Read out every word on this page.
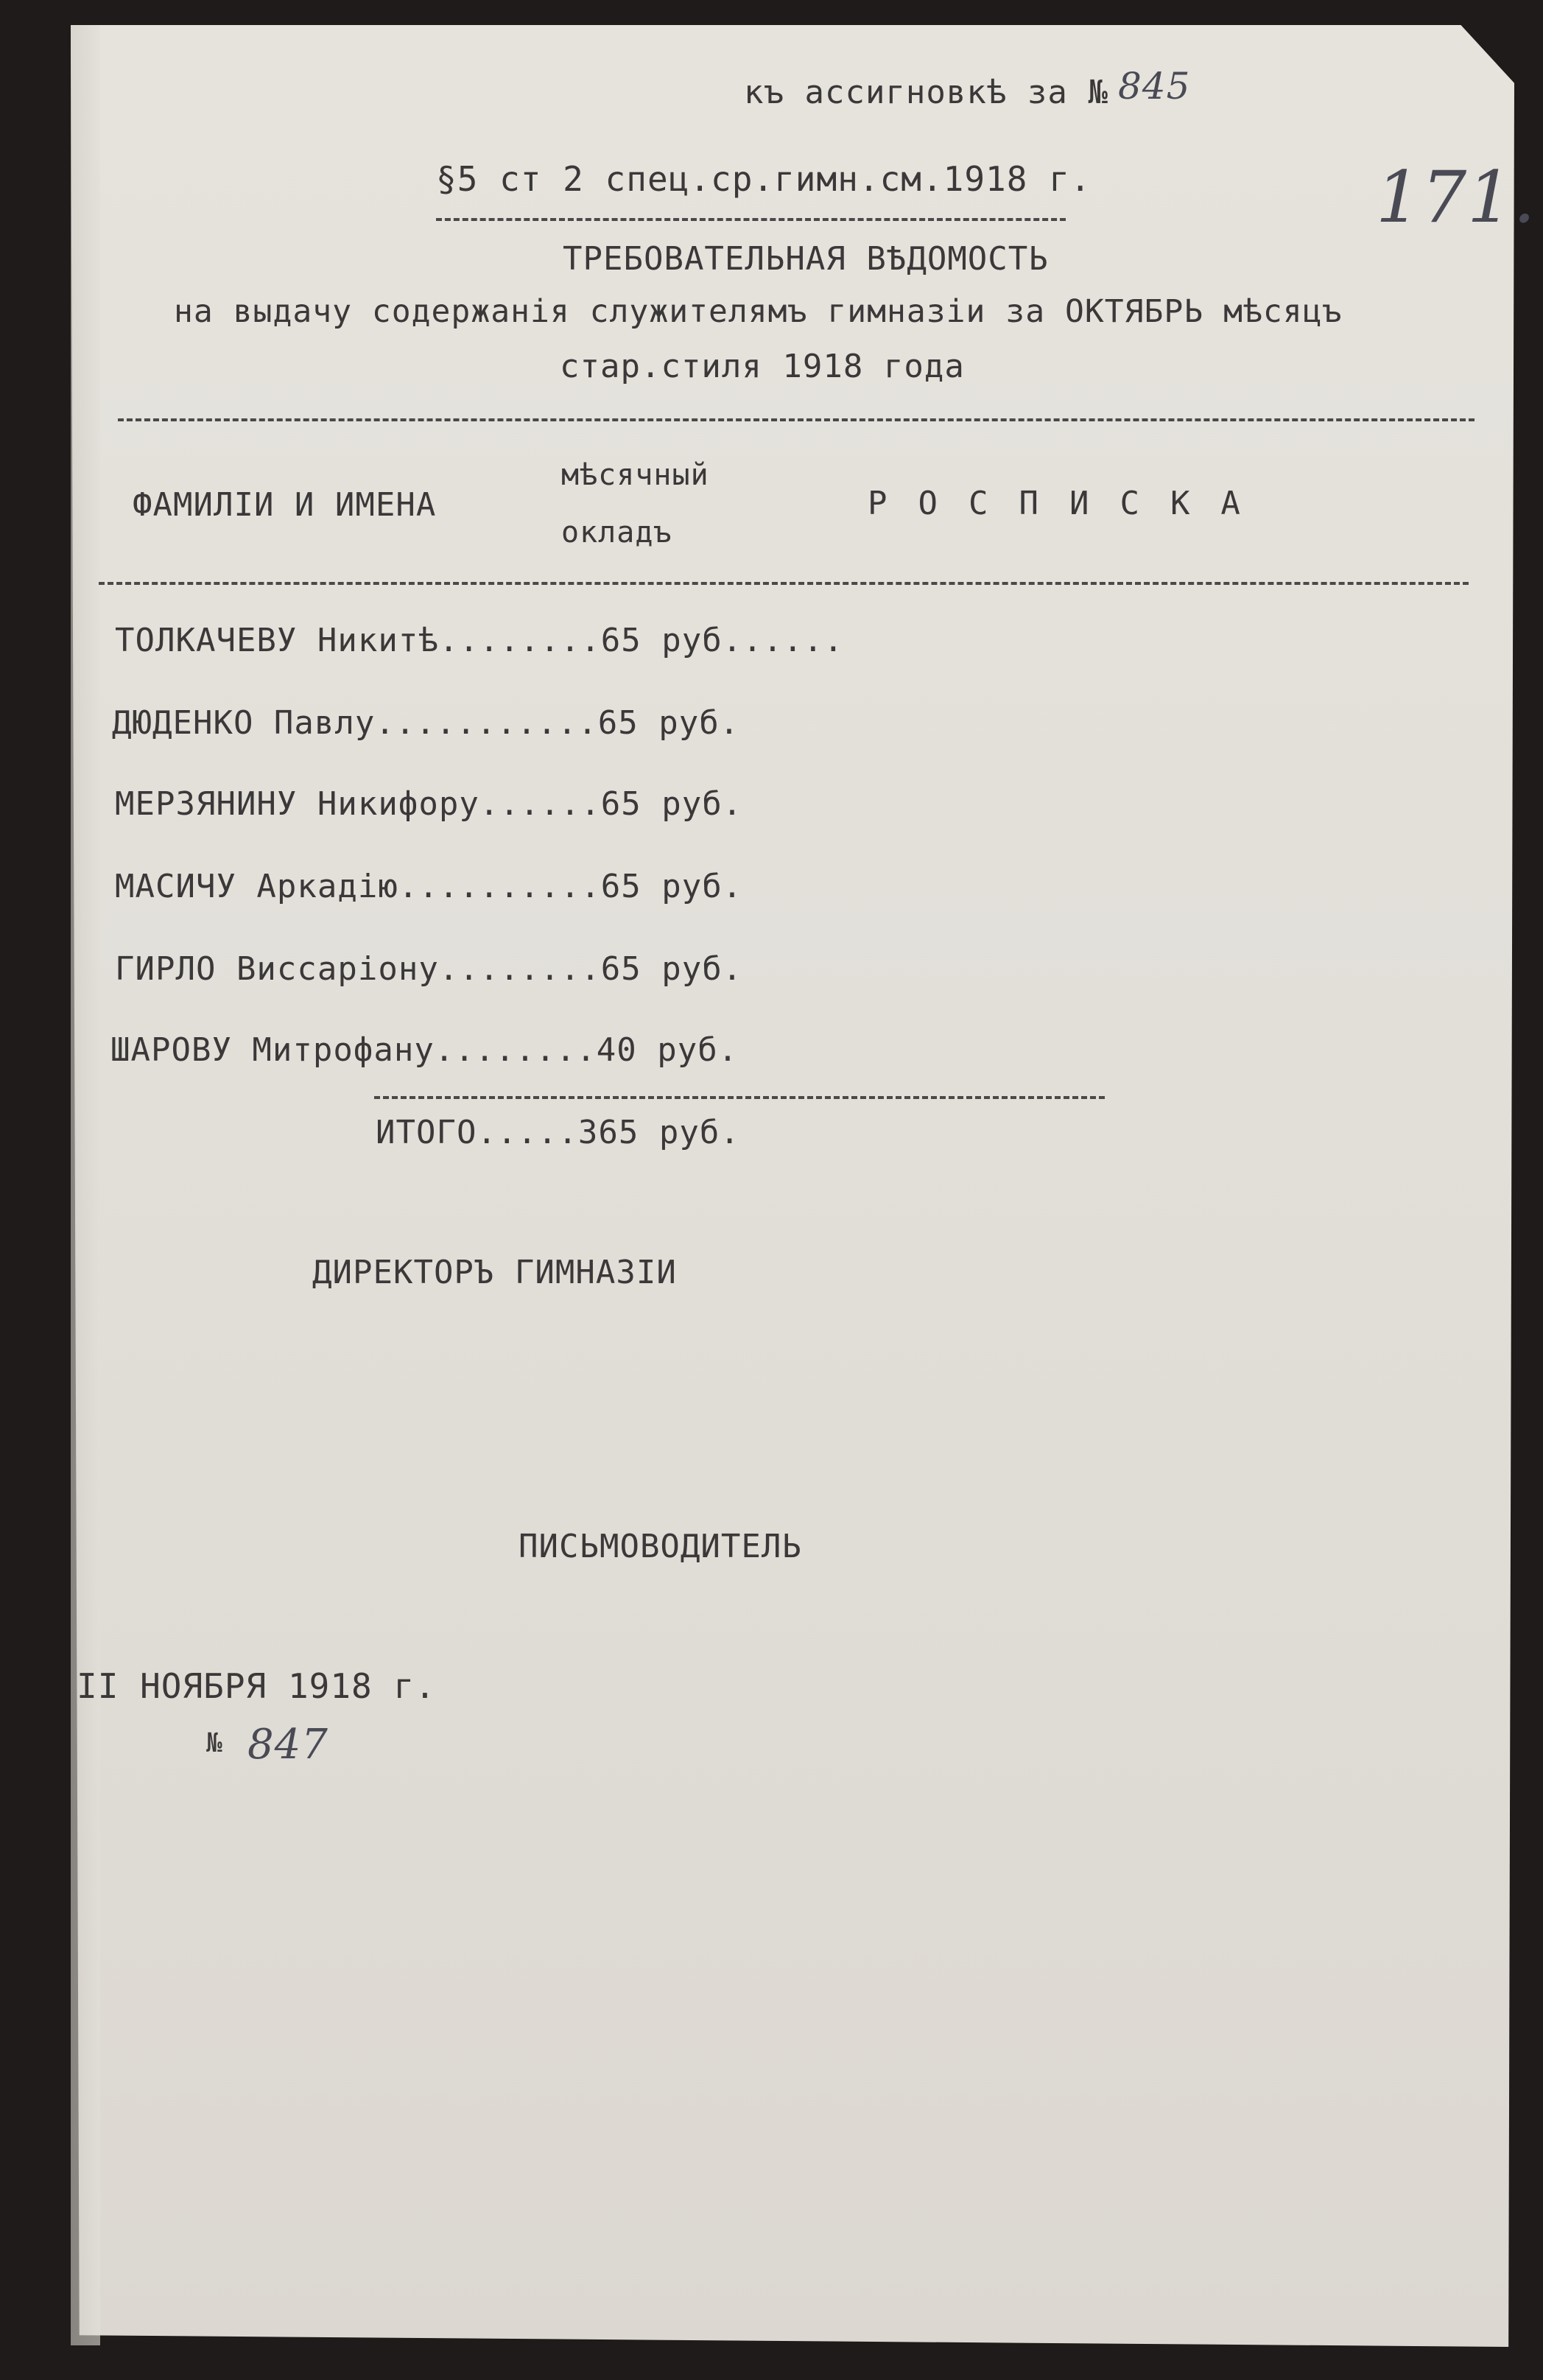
къ ассигновкѣ за № 845
171.
§5 ст 2 спец.ср.гимн.см.1918 г.
ТРЕБОВАТЕЛЬНАЯ ВѢДОМОСТЬ
на выдачу содержанія служителямъ гимназіи за ОКТЯБРЬ мѣсяцъ
стар.стиля 1918 года
ФАМИЛІИ И ИМЕНА
мѣсячный
окладъ
РОСПИСКА
ТОЛКАЧЕВУ Никитѣ........65 руб......
ДЮДЕНКО Павлу...........65 руб.
МЕРЗЯНИНУ Никифору......65 руб.
МАСИЧУ Аркадію..........65 руб.
ГИРЛО Виссаріону........65 руб.
ШАРОВУ Митрофану........40 руб.
ИТОГО.....365 руб.
ДИРЕКТОРЪ ГИМНАЗІИ
ПИСЬМОВОДИТЕЛЬ
II НОЯБРЯ 1918 г.
№ 847
